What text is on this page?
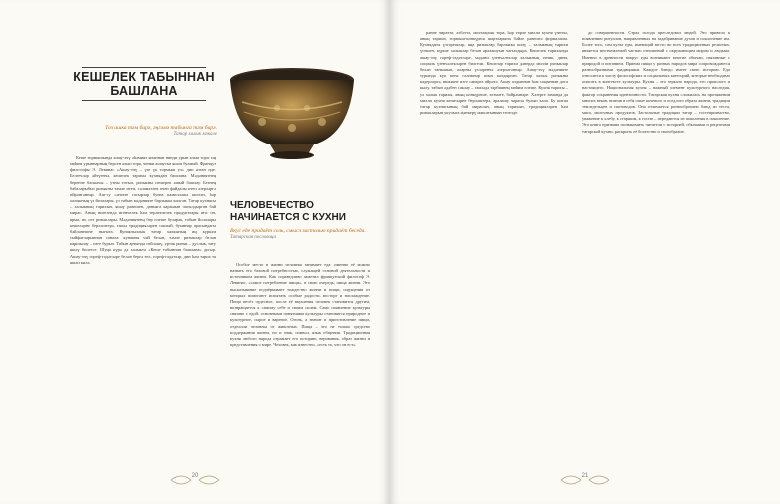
КЕШЕЛЕК ТАБЫННАН БАШЛАНА
Тоз ашка тәм бирә, әңгәмә табынга тәм бирә.
Татар халык мәкале
ЧЕЛОВЕЧЕСТВО НАЧИНАЕТСЯ С КУХНИ
Вкус еде придаёт соль, смысл застолью придаёт беседа.
Татарская пословица

Кеше тормышында ашау-эчү әһәмият ягыннан нинди урын алып тора: иң мөһим урыннарның берсен алып тора, чөнки ашаусыз яшәп булмый. Француз философы Э. Левинас «Ашау-эчү – үзе үк тормыш ул» дип язган иде. Белгечләр әйтүенчә, кешелек тарихы кухнядан башлана. Мәдәниятнең беренче баскычы – утны тотып, ризыкны пешереп ашый башлау. Безнең бабаларыбыз ризыкны тәмле итеп, сәламәтлек өчен файдалы итеп әзерләргә өйрәнгәннәр. Аш-су сәнгате гасырлар буена камилләшә килгән, һәр халыкның үз йолалары, үз табын мәдәнияте барлыкка килгән. Татар кухнясы – халыкның тарихын, яшәү рәвешен, дөньяга карашын чагылдырган бай мирас. Аның нигезендә игенчелек һәм терлекчелек продуктлары ята: он, ярма, ит, сөт ризыклары. Мәдәниятнең бер өлеше буларак, табын йолалары кешеләрне берләштерә, гаилә традицияләрен саклый, буыннар арасындагы бәйләнешне ныгыта. Кунакчыллык татар халкының иң күркәм сыйфатларыннан санала: кунакны чәй белән, тәмле ризыклар белән каршылау – изге бурыч. Табын артында сөйләшү, уртак ризык – дуслык, тату яшәү билгесе. Шуңа күрә дә халыкта «Кеше табыннан башлана» диләр. Ашау-эчү гореф-гадәтләре белән бергә тел, гореф-гадәтләр, дин һәм тарих та яшәп килә.	Особое место в жизни человека занимает еда: именно её можно назвать его базовой потребностью, служащей основой деятельности и источником жизни. Как справедливо заметил французский философ Э. Левинас, «самое потребление пищи», в свою очередь, пища жизни. Это высказывание подчёркивает тождество жизни и пищи, ощущения от которых помогают испытать особые радости, восторг и наслаждение. Пища несёт чудесное, после её вкушения человек становится другим, возвращается к самому себе и своим силам. Само появление культуры связано с едой: основными понятиями культуры становятся природное и культурное, сырое и вареное. Огонь, а значит и приготовление пищи, отделили человека от животных. Пища – это не только средство поддержания жизни, но и знак, символ, язык общения. Традиционная кухня любого народа отражает его историю, верования, образ жизни и представления о мире. Человек, как известно, «есть то, что он ест».

20

рәнне чиратта, әлбәттә, мохтаҗлык тора, һәр төрле милли кухня үзенчә, аның тарихи, тормыш-көнкүреш шартларына бәйле рәвештә формалаша. Кухнядагы үзгәрешләр, яңа ризыклар барлыкка килү – халыкның тарихи үсешен, күрше халыклар белән аралашуын чагылдыра. Кешелек тарихында ашау-эчү гореф-гадәтләре, мәдәни үзенчәлекләр халыкның этник, дини, социаль үзенчәлекләрен билгели. Кешеләр тарихи дәвердә милли ризыклар белән танышып, аларны үзләренчә әзерләгәннәр. Ашау-эчү мәдәнияте турында күп кенә галимнәр язып калдырган. Татар халкы ризыкны кадерләргә, икмәкне изге санарга өйрәтә. Ашау алдыннан һәм соңыннан дога кылу, табын әдәбен саклау – гаиләдә тәрбиянең мөһим өлеше. Кухня тарихы – ул халык тарихы, аның көнкүреше, хезмәте, бәйрәмнәре. Хәзерге заманда да милли кухня кешеләрне берләштерә, аралашу чарасы булып кала. Бу китап татар кухнясының бай мирасын, аның тарихын, традицияләрен һәм ризыкларын укучыга җиткерү максатыннан төзелде.

до совершенности. Страх голода преследовал людей. Это привело к появлению ритуалов, направленных на задабривание духов и поклонение им. Более того, сам культ еды, имеющий место во всех традиционных религиях, является неотъемлемой частью отношений с окружающим миром и людьми. Именно в древности вокруг еды возникают многие обычаи, связанные с природой и питанием. Приема пищи у разных народов мира сопровождаются разнообразными традициями. Каждое блюдо имеет свою историю. Еда относится к числу философских и социальных категорий, которые необходимо описать в контексте культуры. Кухня – это зеркало народа, его прошлого и настоящего. Национальная кухня – важный элемент культурного наследия, фактор сохранения идентичности. Татарская кухня сложилась на протяжении многих веков, впитав в себя опыт кочевого и оседлого образа жизни, традиции земледельцев и скотоводов. Она отличается разнообразием блюд из теста, мяса, молочных продуктов. Застольные традиции татар – гостеприимство, уважение к хлебу, к старшим, к гостю – передаются из поколения в поколение. Эта книга призвана познакомить читателя с историей, обычаями и рецептами татарской кухни, раскрыть её богатство и своеобразие.

21
